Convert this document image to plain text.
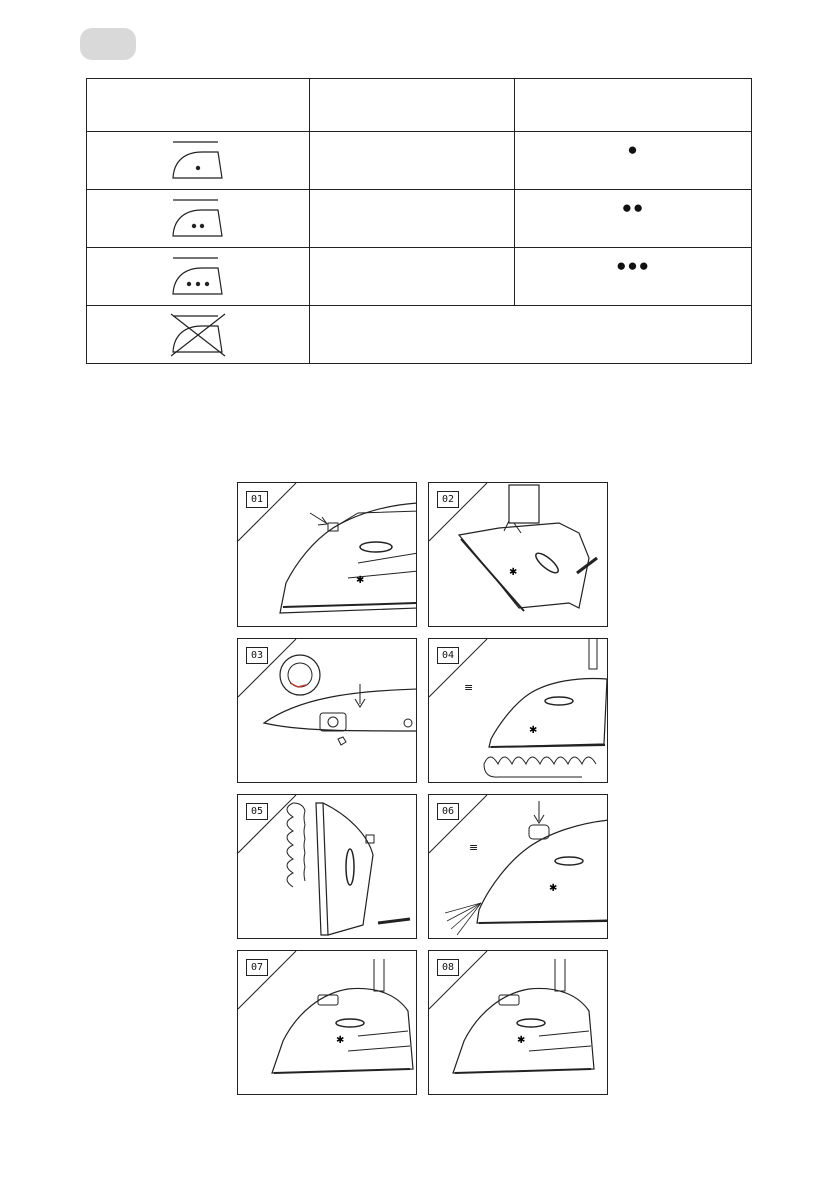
		●

		●●

		●●●

✱
01
✱
02
03
≡
✱
04
05
≡
✱
06
✱
07
✱
08
